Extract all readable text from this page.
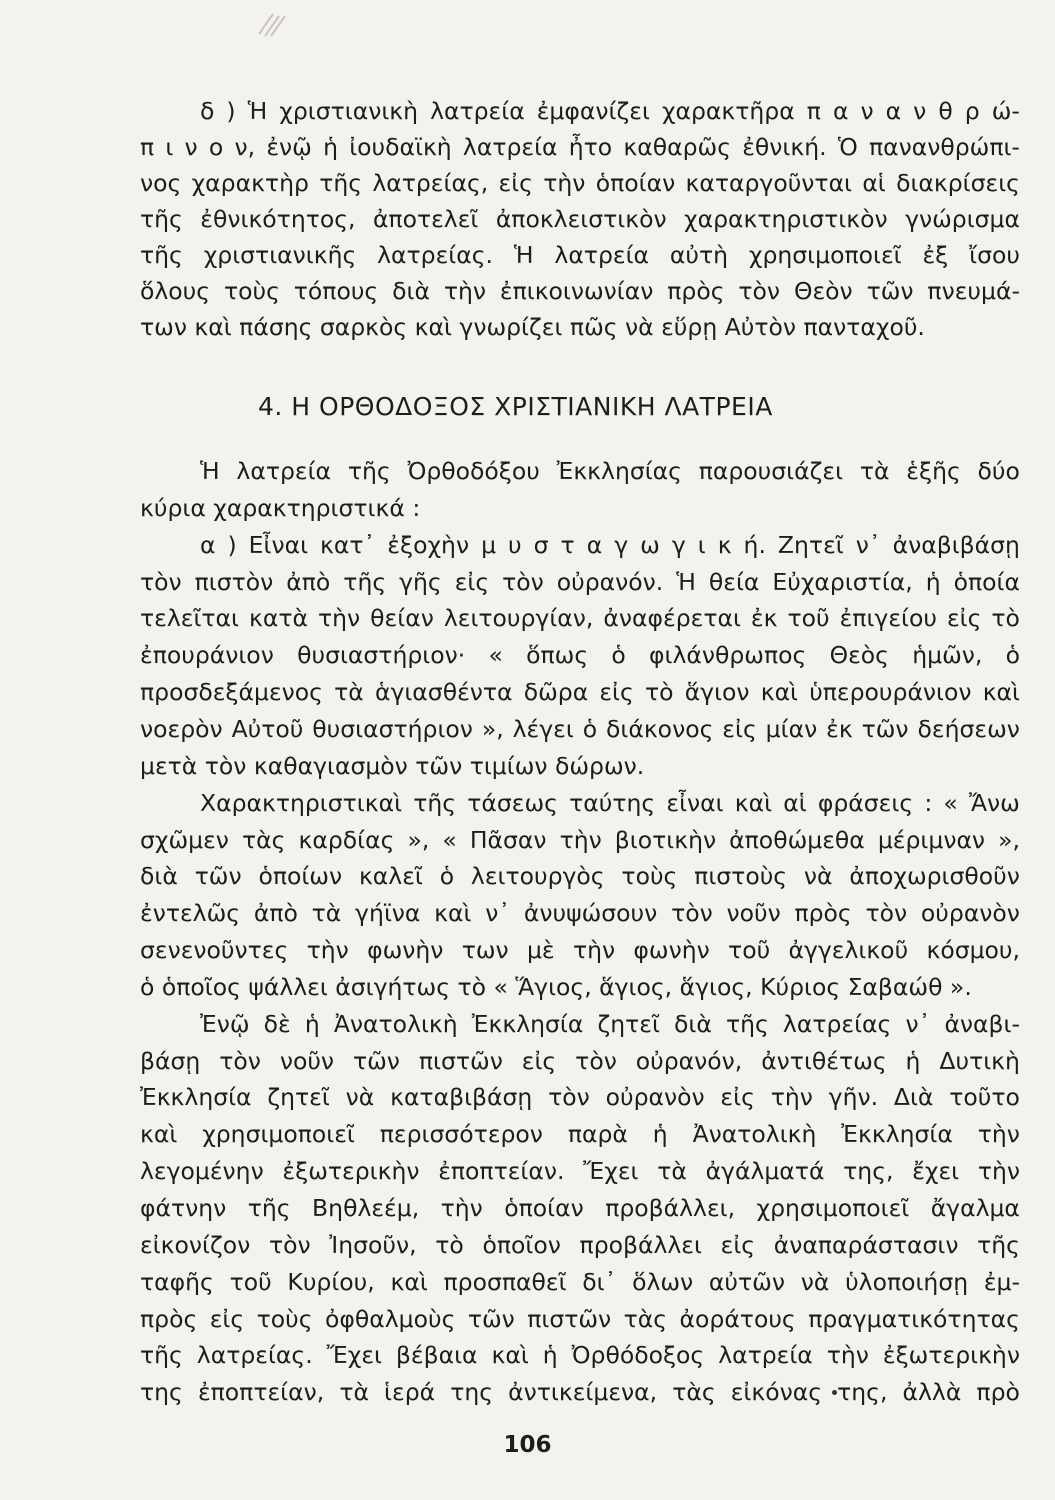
δ ) Ἡ χριστιανικὴ λατρεία ἐμφανίζει χαρακτῆρα π α ν α ν θ ρ ώ-
π ι ν ο ν, ἐνῷ ἡ ἰουδαϊκὴ λατρεία ἦτο καθαρῶς ἐθνική. Ὁ πανανθρώπι-
νος χαρακτὴρ τῆς λατρείας, εἰς τὴν ὁποίαν καταργοῦνται αἱ διακρίσεις
τῆς ἐθνικότητος, ἀποτελεῖ ἀποκλειστικὸν χαρακτηριστικὸν γνώρισμα
τῆς χριστιανικῆς λατρείας. Ἡ λατρεία αὐτὴ χρησιμοποιεῖ ἐξ ἴσου
ὅλους τοὺς τόπους διὰ τὴν ἐπικοινωνίαν πρὸς τὸν Θεὸν τῶν πνευμά-
των καὶ πάσης σαρκὸς καὶ γνωρίζει πῶς νὰ εὕρῃ Αὐτὸν πανταχοῦ.
4. Η ΟΡΘΟΔΟΞΟΣ ΧΡΙΣΤΙΑΝΙΚΗ ΛΑΤΡΕΙΑ
Ἡ λατρεία τῆς Ὀρθοδόξου Ἐκκλησίας παρουσιάζει τὰ ἑξῆς δύο
κύρια χαρακτηριστικά :
α ) Εἶναι κατ᾽ ἐξοχὴν μ υ σ τ α γ ω γ ι κ ή. Ζητεῖ ν᾽ ἀναβιβάσῃ
τὸν πιστὸν ἀπὸ τῆς γῆς εἰς τὸν οὐρανόν. Ἡ θεία Εὐχαριστία, ἡ ὁποία
τελεῖται κατὰ τὴν θείαν λειτουργίαν, ἀναφέρεται ἐκ τοῦ ἐπιγείου εἰς τὸ
ἐπουράνιον θυσιαστήριον· « ὅπως ὁ φιλάνθρωπος Θεὸς ἡμῶν, ὁ
προσδεξάμενος τὰ ἁγιασθέντα δῶρα εἰς τὸ ἅγιον καὶ ὑπερουράνιον καὶ
νοερὸν Αὐτοῦ θυσιαστήριον », λέγει ὁ διάκονος εἰς μίαν ἐκ τῶν δεήσεων
μετὰ τὸν καθαγιασμὸν τῶν τιμίων δώρων.
Χαρακτηριστικαὶ τῆς τάσεως ταύτης εἶναι καὶ αἱ φράσεις : « Ἄνω
σχῶμεν τὰς καρδίας », « Πᾶσαν τὴν βιοτικὴν ἀποθώμεθα μέριμναν »,
διὰ τῶν ὁποίων καλεῖ ὁ λειτουργὸς τοὺς πιστοὺς νὰ ἀποχωρισθοῦν
ἐντελῶς ἀπὸ τὰ γήϊνα καὶ ν᾽ ἀνυψώσουν τὸν νοῦν πρὸς τὸν οὐρανὸν
σενενοῦντες τὴν φωνὴν των μὲ τὴν φωνὴν τοῦ ἀγγελικοῦ κόσμου,
ὁ ὁποῖος ψάλλει ἀσιγήτως τὸ « Ἅγιος, ἅγιος, ἅγιος, Κύριος Σαβαώθ ».
Ἐνῷ δὲ ἡ Ἀνατολικὴ Ἐκκλησία ζητεῖ διὰ τῆς λατρείας ν᾽ ἀναβι-
βάσῃ τὸν νοῦν τῶν πιστῶν εἰς τὸν οὐρανόν, ἀντιθέτως ἡ Δυτικὴ
Ἐκκλησία ζητεῖ νὰ καταβιβάσῃ τὸν οὐρανὸν εἰς τὴν γῆν. Διὰ τοῦτο
καὶ χρησιμοποιεῖ περισσότερον παρὰ ἡ Ἀνατολικὴ Ἐκκλησία τὴν
λεγομένην ἐξωτερικὴν ἐποπτείαν. Ἔχει τὰ ἀγάλματά της, ἔχει τὴν
φάτνην τῆς Βηθλεέμ, τὴν ὁποίαν προβάλλει, χρησιμοποιεῖ ἄγαλμα
εἰκονίζον τὸν Ἰησοῦν, τὸ ὁποῖον προβάλλει εἰς ἀναπαράστασιν τῆς
ταφῆς τοῦ Κυρίου, καὶ προσπαθεῖ δι᾽ ὅλων αὐτῶν νὰ ὑλοποιήσῃ ἐμ-
πρὸς εἰς τοὺς ὀφθαλμοὺς τῶν πιστῶν τὰς ἀοράτους πραγματικότητας
τῆς λατρείας. Ἔχει βέβαια καὶ ἡ Ὀρθόδοξος λατρεία τὴν ἐξωτερικὴν
της ἐποπτείαν, τὰ ἱερά της ἀντικείμενα, τὰς εἰκόνας της, ἀλλὰ πρὸ
106
